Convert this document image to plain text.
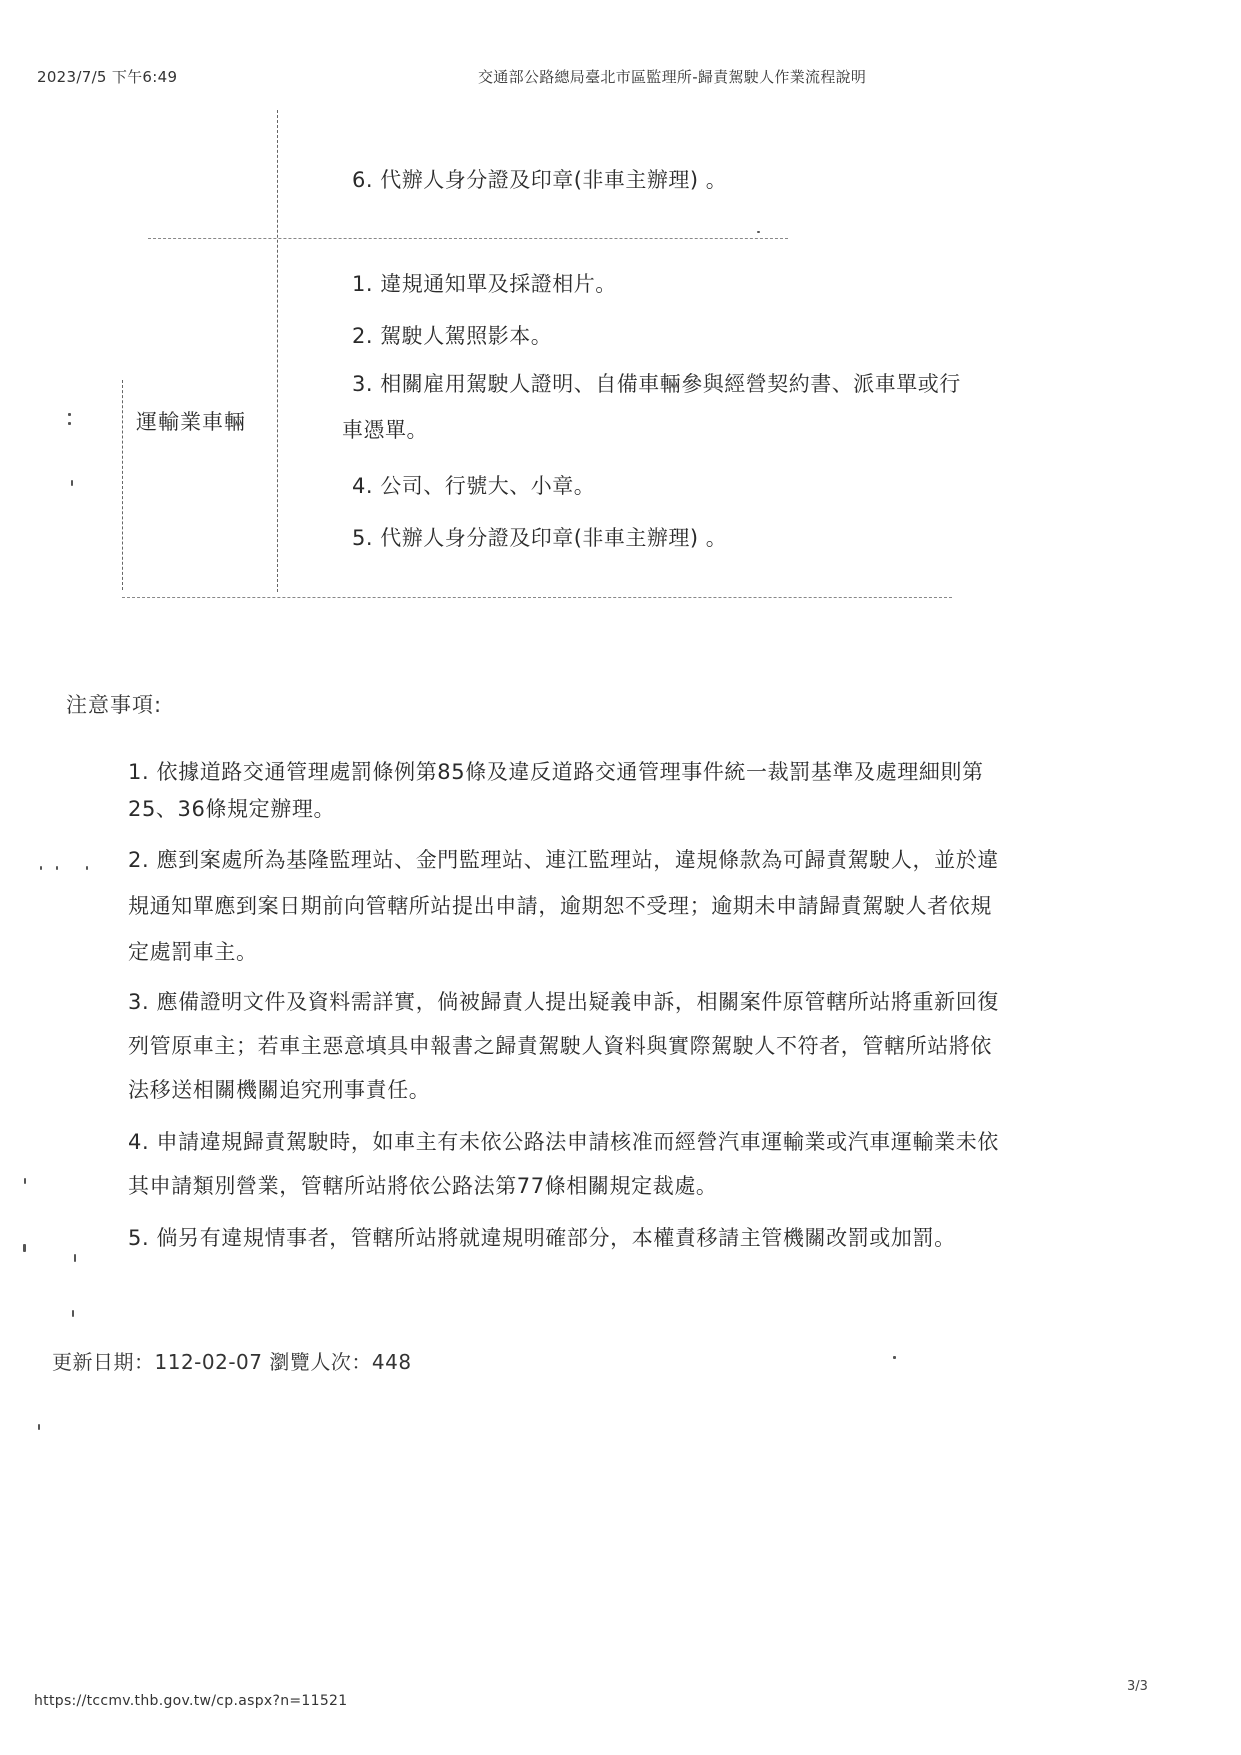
2023/7/5 下午6:49	交通部公路總局臺北市區監理所-歸責駕駛人作業流程說明
6. 代辦人身分證及印章(非車主辦理) 。
運輸業車輛
1. 違規通知單及採證相片。
2. 駕駛人駕照影本。
3. 相關雇用駕駛人證明、自備車輛參與經營契約書、派車單或行
車憑單。
4. 公司、行號大、小章。
5. 代辦人身分證及印章(非車主辦理) 。
注意事項:
1. 依據道路交通管理處罰條例第85條及違反道路交通管理事件統一裁罰基準及處理細則第
25、36條規定辦理。
2. 應到案處所為基隆監理站、金門監理站、連江監理站，違規條款為可歸責駕駛人，並於違
規通知單應到案日期前向管轄所站提出申請，逾期恕不受理；逾期未申請歸責駕駛人者依規
定處罰車主。
3. 應備證明文件及資料需詳實，倘被歸責人提出疑義申訴，相關案件原管轄所站將重新回復
列管原車主；若車主惡意填具申報書之歸責駕駛人資料與實際駕駛人不符者，管轄所站將依
法移送相關機關追究刑事責任。
4. 申請違規歸責駕駛時，如車主有未依公路法申請核准而經營汽車運輸業或汽車運輸業未依
其申請類別營業，管轄所站將依公路法第77條相關規定裁處。
5. 倘另有違規情事者，管轄所站將就違規明確部分，本權責移請主管機關改罰或加罰。
更新日期：112-02-07 瀏覽人次：448
https://tccmv.thb.gov.tw/cp.aspx?n=11521
3/3
